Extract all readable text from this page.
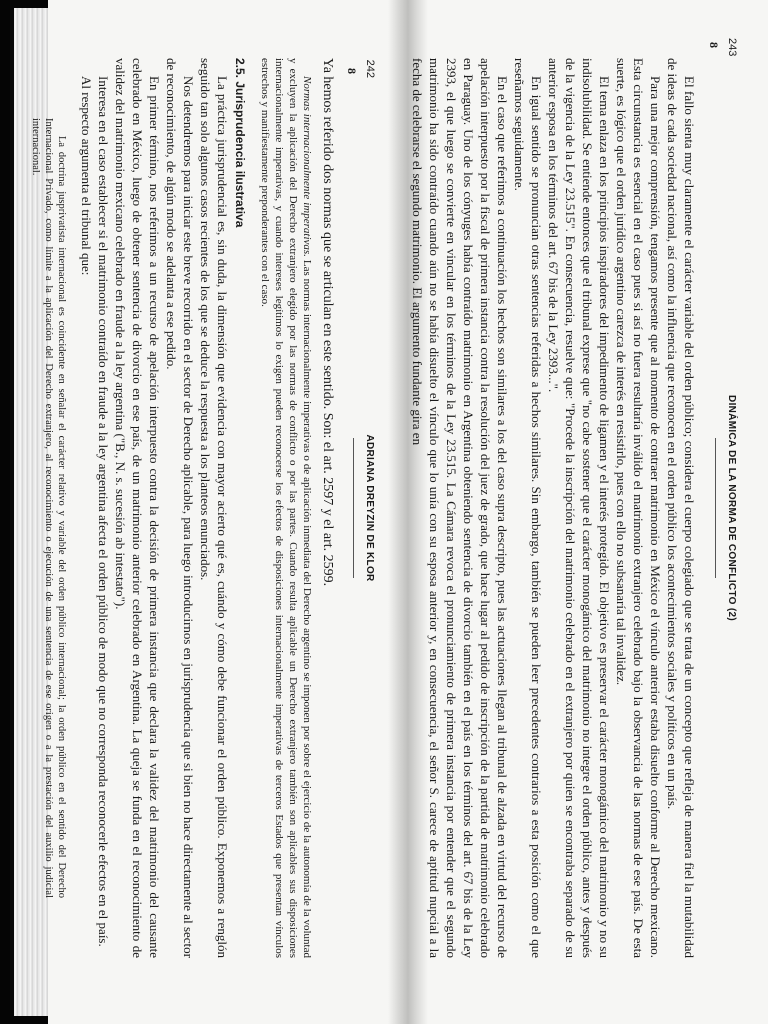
ADRIANA DREYZIN DE KLOR
242
8

Ya hemos referido dos normas que se articulan en este sentido. Son: el art. 2597 y el art. 2599.

Normas internacionalmente imperativas. Las normas internacionalmente imperativas o de aplicación inmediata del Derecho argentino se imponen por sobre el ejercicio de la autonomía de la voluntad y excluyen la aplicación del Derecho extranjero elegido por las normas de conflicto o por las partes. Cuando resulta aplicable un Derecho extranjero también son aplicables sus disposiciones internacionalmente imperativas, y cuando intereses legítimos lo exigen pueden reconocerse los efectos de disposiciones internacionalmente imperativas de terceros Estados que presentan vínculos estrechos y manifiestamente preponderantes con el caso.

2.5. Jurisprudencia ilustrativa

La práctica jurisprudencial es, sin duda, la dimensión que evidencia con mayor acierto qué es, cuándo y cómo debe funcionar el orden público. Exponemos a renglón seguido tan solo algunos casos recientes de los que se deduce la respuesta a los planteos enunciados.

Nos detendremos para iniciar este breve recorrido en el sector de Derecho aplicable, para luego introducirnos en jurisprudencia que si bien no hace directamente al sector de reconocimiento, de algún modo se adelanta a ese pedido.

En primer término, nos referimos a un recurso de apelación interpuesto contra la decisión de primera instancia que declara la validez del matrimonio del causante celebrado en México, luego de obtener sentencia de divorcio en ese país, de un matrimonio anterior celebrado en Argentina. La queja se funda en el reconocimiento de validez del matrimonio mexicano celebrado en fraude a la ley argentina ("B., N. s. sucesión ab intestato").

Interesa en el caso establecer si el matrimonio contraído en fraude a la ley argentina afecta el orden público de modo que no corresponda reconocerle efectos en el país.

Al respecto argumenta el tribunal que:

La doctrina jusprivatista internacional es coincidente en señalar el carácter relativo y variable del orden público internacional; la orden público en el sentido del Derecho Internacional Privado, como límite a la aplicación del Derecho extranjero, al reconocimiento o ejecución de una sentencia de ese origen o a la prestación del auxilio judicial internacional.

DINÁMICA DE LA NORMA DE CONFLICTO (2)
243
8

El fallo sienta muy claramente el carácter variable del orden público; considera el cuerpo colegiado que se trata de un concepto que refleja de manera fiel la mutabilidad de ideas de cada sociedad nacional, así como la influencia que reconocen en el orden público los acontecimientos sociales y políticos en un país.

Para una mejor comprensión, tengamos presente que al momento de contraer matrimonio en México el vínculo anterior estaba disuelto conforme al Derecho mexicano. Esta circunstancia es esencial en el caso pues si así no fuera resultaría inválido el matrimonio extranjero celebrado bajo la observancia de las normas de ese país. De esta suerte, es lógico que el orden jurídico argentino carezca de interés en resistirlo, pues con ello no subsanaría tal invalidez.

El tema enlaza en los principios inspiradores del impedimento de ligamen y el interés protegido. El objetivo es preservar el carácter monogámico del matrimonio y no su indisolubilidad. Se entiende entonces que el tribunal exprese que "no cabe sostener que el carácter monogámico del matrimonio no integre el orden público, antes y después de la vigencia de la Ley 23.515". En consecuencia, resuelve que: "Procede la inscripción del matrimonio celebrado en el extranjero por quien se encontraba separado de su anterior esposa en los términos del art. 67 bis de la Ley 2393...".

En igual sentido se pronuncian otras sentencias referidas a hechos similares. Sin embargo, también se pueden leer precedentes contrarios a esta posición como el que reseñamos seguidamente.

En el caso que referimos a continuación los hechos son similares a los del caso supra descripto, pues las actuaciones llegan al tribunal de alzada en virtud del recurso de apelación interpuesto por la fiscal de primera instancia contra la resolución del juez de grado, que hace lugar al pedido de inscripción de la partida de matrimonio celebrado en Paraguay. Uno de los cónyuges había contraído matrimonio en Argentina obteniendo sentencia de divorcio también en el país en los términos del art. 67 bis de la Ley 2393, el que luego se convierte en vincular en los términos de la Ley 23.515. La Cámara revoca el pronunciamiento de primera instancia por entender que el segundo matrimonio ha sido contraído cuando aún no se había disuelto el vínculo que lo unía con su esposa anterior y, en consecuencia, el señor S. carece de aptitud nupcial a la fecha de celebrarse el segundo matrimonio. El argumento fundante gira en
